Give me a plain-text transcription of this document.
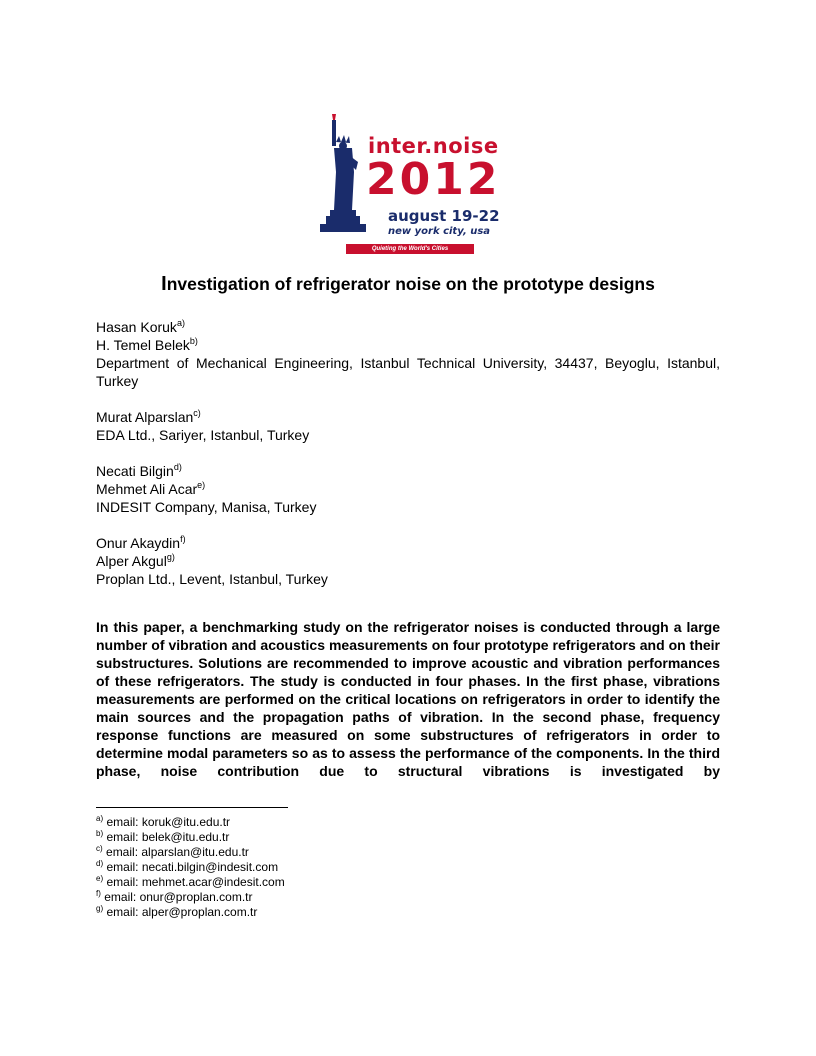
inter.noise
2012
august 19-22
new york city, usa
Quieting the World's Cities
Investigation of refrigerator noise on the prototype designs
Hasan Koruk$^{a)}$
H. Temel Belek$^{b)}$
Department of Mechanical Engineering, Istanbul Technical University, 34437, Beyoglu, Istanbul, Turkey
Murat Alparslan$^{c)}$
EDA Ltd., Sariyer, Istanbul, Turkey
Necati Bilgin$^{d)}$
Mehmet Ali Acar$^{e)}$
INDESIT Company, Manisa, Turkey
Onur Akaydin$^{f)}$
Alper Akgul$^{g)}$
Proplan Ltd., Levent, Istanbul, Turkey
In this paper, a benchmarking study on the refrigerator noises is conducted through a large number of vibration and acoustics measurements on four prototype refrigerators and on their substructures. Solutions are recommended to improve acoustic and vibration performances of these refrigerators. The study is conducted in four phases. In the first phase, vibrations measurements are performed on the critical locations on refrigerators in order to identify the main sources and the propagation paths of vibration. In the second phase, frequency response functions are measured on some substructures of refrigerators in order to determine modal parameters so as to assess the performance of the components. In the third phase, noise contribution due to structural vibrations is investigated by
$^{a)}$ email: koruk@itu.edu.tr
$^{b)}$ email: belek@itu.edu.tr
$^{c)}$ email: alparslan@itu.edu.tr
$^{d)}$ email: necati.bilgin@indesit.com
$^{e)}$ email: mehmet.acar@indesit.com
$^{f)}$ email: onur@proplan.com.tr
$^{g)}$ email: alper@proplan.com.tr
